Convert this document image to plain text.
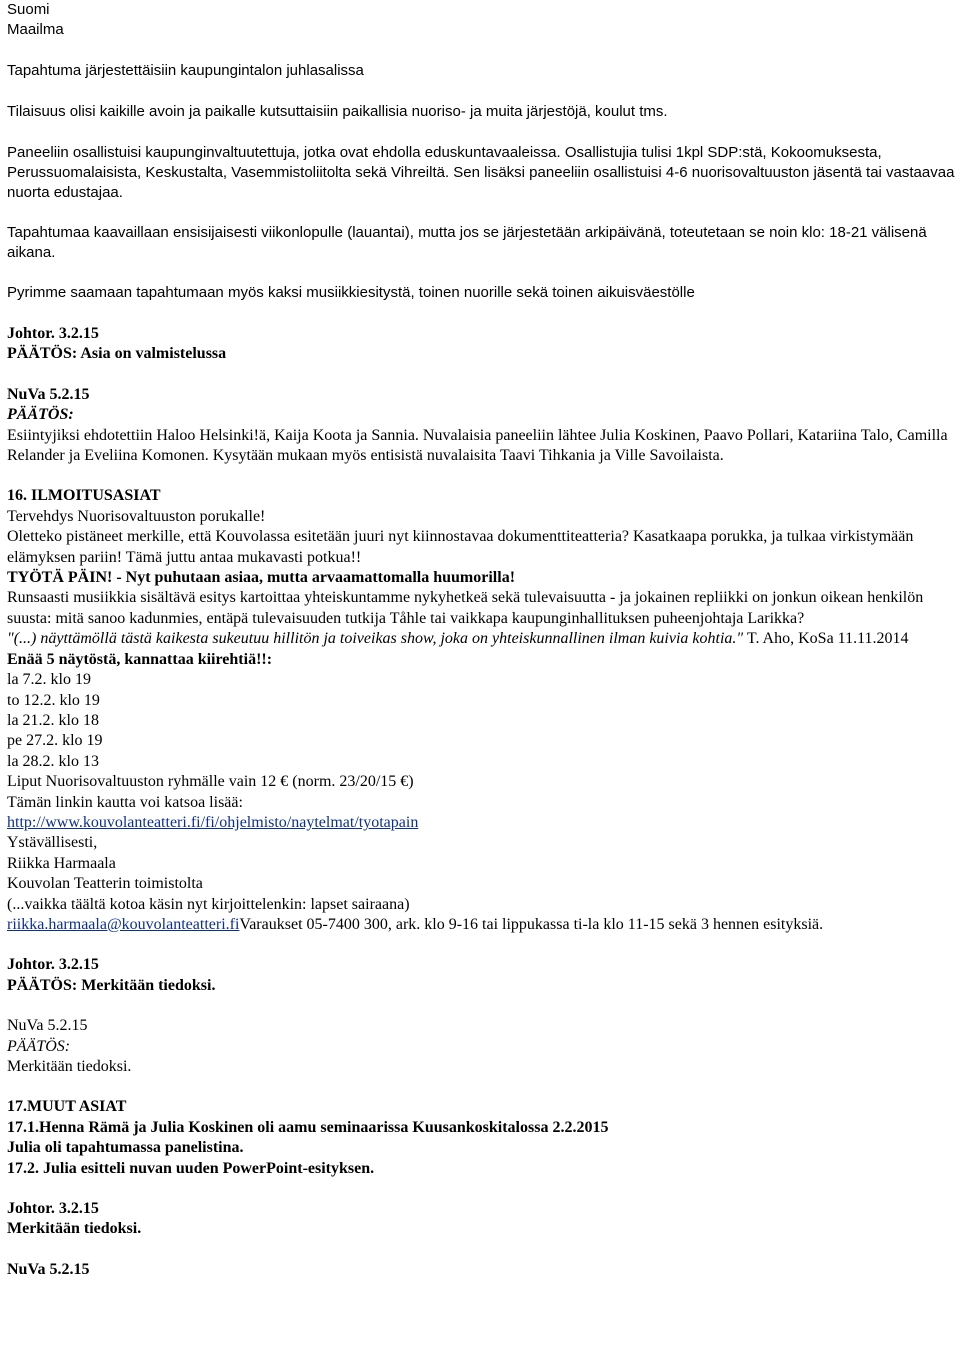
Suomi

Maailma

Tapahtuma järjestettäisiin kaupungintalon juhlasalissa

Tilaisuus olisi kaikille avoin ja paikalle kutsuttaisiin paikallisia nuoriso- ja muita järjestöjä, koulut tms.

Paneeliin osallistuisi kaupunginvaltuutettuja, jotka ovat ehdolla eduskuntavaaleissa. Osallistujia tulisi 1kpl SDP:stä, Kokoomuksesta, Perussuomalaisista, Keskustalta, Vasemmistoliitolta sekä Vihreiltä. Sen lisäksi paneeliin osallistuisi 4-6 nuorisovaltuuston jäsentä tai vastaavaa nuorta edustajaa.

Tapahtumaa kaavaillaan ensisijaisesti viikonlopulle (lauantai), mutta jos se järjestetään arkipäivänä, toteutetaan se noin klo: 18-21 välisenä aikana.

Pyrimme saamaan tapahtumaan myös kaksi musiikkiesitystä, toinen nuorille sekä toinen aikuisväestölle

Johtor. 3.2.15

PÄÄTÖS: Asia on valmistelussa

NuVa 5.2.15

PÄÄTÖS:

Esiintyjiksi ehdotettiin Haloo Helsinki!ä, Kaija Koota ja Sannia. Nuvalaisia paneeliin lähtee Julia Koskinen, Paavo Pollari, Katariina Talo, Camilla Relander ja Eveliina Komonen. Kysytään mukaan myös entisistä nuvalaisita Taavi Tihkania ja Ville Savoilaista.

16. ILMOITUSASIAT

Tervehdys Nuorisovaltuuston porukalle!

Oletteko pistäneet merkille, että Kouvolassa esitetään juuri nyt kiinnostavaa dokumenttiteatteria? Kasatkaapa porukka, ja tulkaa virkistymään elämyksen pariin! Tämä juttu antaa mukavasti potkua!!

TYÖTÄ PÄIN! - Nyt puhutaan asiaa, mutta arvaamattomalla huumorilla!

Runsaasti musiikkia sisältävä esitys kartoittaa yhteiskuntamme nykyhetkeä sekä tulevaisuutta - ja jokainen repliikki on jonkun oikean henkilön suusta: mitä sanoo kadunmies, entäpä tulevaisuuden tutkija Tåhle tai vaikkapa kaupunginhallituksen puheenjohtaja Larikka?

"(...) näyttämöllä tästä kaikesta sukeutuu hillitön ja toiveikas show, joka on yhteiskunnallinen ilman kuivia kohtia." T. Aho, KoSa 11.11.2014

Enää 5 näytöstä, kannattaa kiirehtiä!!:

la 7.2. klo 19

to 12.2. klo 19

la 21.2. klo 18

pe 27.2. klo 19

la 28.2. klo 13

Liput Nuorisovaltuuston ryhmälle vain 12 € (norm. 23/20/15 €)

Tämän linkin kautta voi katsoa lisää:

http://www.kouvolanteatteri.fi/fi/ohjelmisto/naytelmat/tyotapain

Ystävällisesti,

Riikka Harmaala

Kouvolan Teatterin toimistolta

(...vaikka täältä kotoa käsin nyt kirjoittelenkin: lapset sairaana)

riikka.harmaala@kouvolanteatteri.fiVaraukset 05-7400 300, ark. klo 9-16 tai lippukassa ti-la klo 11-15 sekä 3 hennen esityksiä.

Johtor. 3.2.15

PÄÄTÖS: Merkitään tiedoksi.

NuVa 5.2.15

PÄÄTÖS:

Merkitään tiedoksi.

17.MUUT ASIAT

17.1.Henna Rämä ja Julia Koskinen oli aamu seminaarissa Kuusankoskitalossa 2.2.2015

Julia oli tapahtumassa panelistina.

17.2. Julia esitteli nuvan uuden PowerPoint-esityksen.

Johtor. 3.2.15

Merkitään tiedoksi.

NuVa 5.2.15
